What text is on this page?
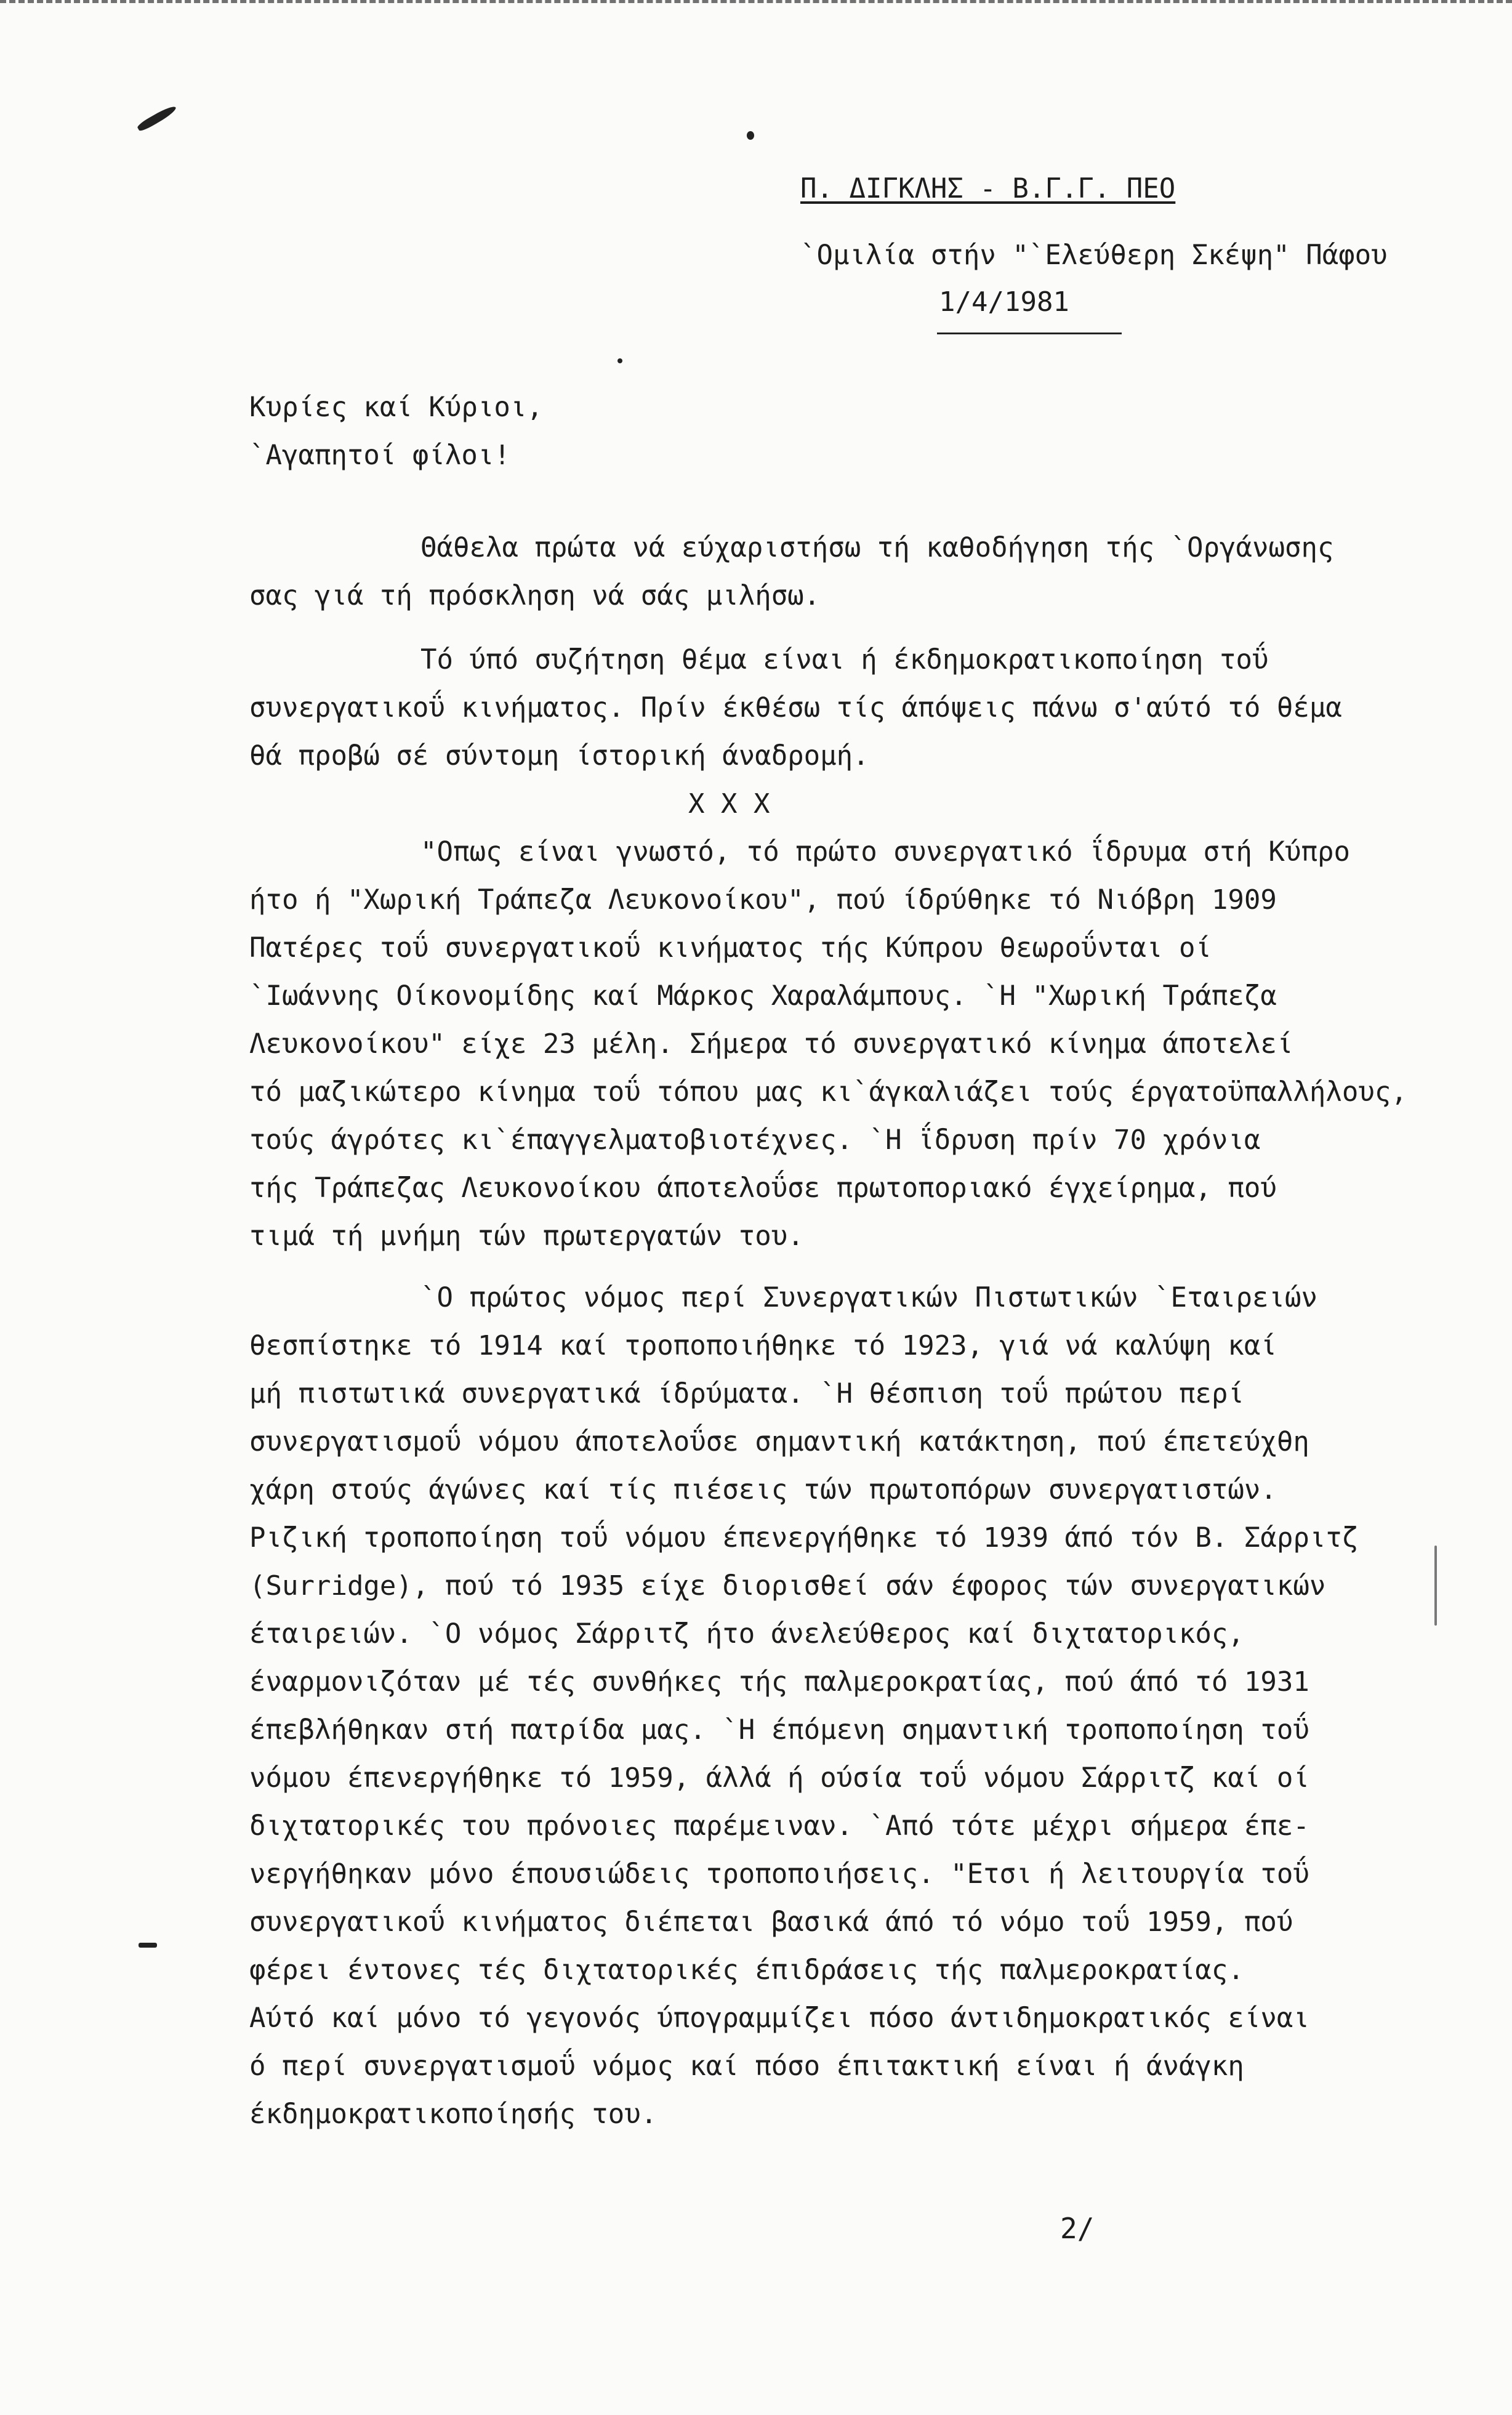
Π. ΔΙΓΚΛΗΣ - Β.Γ.Γ. ΠΕΟ
`Ομιλία στήν "`Ελεύθερη Σκέψη" Πάφου
1/4/1981
Κυρίες καί Κύριοι,
`Αγαπητοί φίλοι!
Θάθελα πρώτα νά εύχαριστήσω τή καθοδήγηση τής `Οργάνωσης
σας γιά τή πρόσκληση νά σάς μιλήσω.
Τό ύπό συζήτηση θέμα είναι ή έκδημοκρατικοποίηση τοΰ
συνεργατικοΰ κινήματος. Πρίν έκθέσω τίς άπόψεις πάνω σ'αύτό τό θέμα
θά προβώ σέ σύντομη ίστορική άναδρομή.
X X X
"Οπως είναι γνωστό, τό πρώτο συνεργατικό ΐδρυμα στή Κύπρο
ήτο ή "Χωρική Τράπεζα Λευκονοίκου", πού ίδρύθηκε τό Νιόβρη 1909
Πατέρες τοΰ συνεργατικοΰ κινήματος τής Κύπρου θεωροΰνται οί
`Ιωάννης Οίκονομίδης καί Μάρκος Χαραλάμπους. `Η "Χωρική Τράπεζα
Λευκονοίκου" είχε 23 μέλη. Σήμερα τό συνεργατικό κίνημα άποτελεί
τό μαζικώτερο κίνημα τοΰ τόπου μας κι`άγκαλιάζει τούς έργατοϋπαλλήλους,
τούς άγρότες κι`έπαγγελματοβιοτέχνες. `Η ΐδρυση πρίν 70 χρόνια
τής Τράπεζας Λευκονοίκου άποτελοΰσε πρωτοποριακό έγχείρημα, πού
τιμά τή μνήμη τών πρωτεργατών του.
`Ο πρώτος νόμος περί Συνεργατικών Πιστωτικών `Εταιρειών
θεσπίστηκε τό 1914 καί τροποποιήθηκε τό 1923, γιά νά καλύψη καί
μή πιστωτικά συνεργατικά ίδρύματα. `Η θέσπιση τοΰ πρώτου περί
συνεργατισμοΰ νόμου άποτελοΰσε σημαντική κατάκτηση, πού έπετεύχθη
χάρη στούς άγώνες καί τίς πιέσεις τών πρωτοπόρων συνεργατιστών.
Ριζική τροποποίηση τοΰ νόμου έπενεργήθηκε τό 1939 άπό τόν Β. Σάρριτζ
(Surridge), πού τό 1935 είχε διορισθεί σάν έφορος τών συνεργατικών
έταιρειών. `Ο νόμος Σάρριτζ ήτο άνελεύθερος καί διχτατορικός,
έναρμονιζόταν μέ τές συνθήκες τής παλμεροκρατίας, πού άπό τό 1931
έπεβλήθηκαν στή πατρίδα μας. `Η έπόμενη σημαντική τροποποίηση τοΰ
νόμου έπενεργήθηκε τό 1959, άλλά ή ούσία τοΰ νόμου Σάρριτζ καί οί
διχτατορικές του πρόνοιες παρέμειναν. `Από τότε μέχρι σήμερα έπε-
νεργήθηκαν μόνο έπουσιώδεις τροποποιήσεις. "Ετσι ή λειτουργία τοΰ
συνεργατικοΰ κινήματος διέπεται βασικά άπό τό νόμο τοΰ 1959, πού
φέρει έντονες τές διχτατορικές έπιδράσεις τής παλμεροκρατίας.
Αύτό καί μόνο τό γεγονός ύπογραμμίζει πόσο άντιδημοκρατικός είναι
ό περί συνεργατισμοΰ νόμος καί πόσο έπιτακτική είναι ή άνάγκη
έκδημοκρατικοποίησής του.
2/
